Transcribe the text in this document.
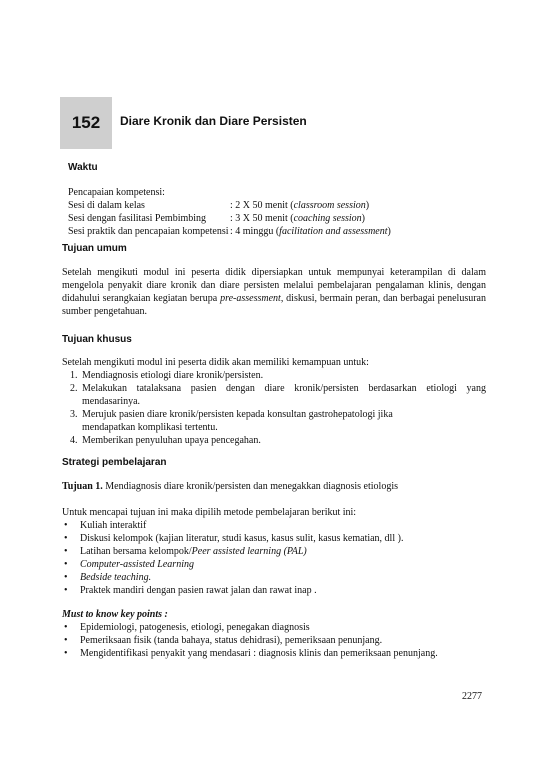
152 Diare Kronik dan Diare Persisten
Waktu
Pencapaian kompetensi:
Sesi di dalam kelas	: 2 X 50 menit (classroom session)
Sesi dengan fasilitasi Pembimbing : 3 X 50 menit (coaching session)
Sesi praktik dan pencapaian kompetensi: 4 minggu (facilitation and assessment)
Tujuan umum
Setelah mengikuti modul ini peserta didik dipersiapkan untuk mempunyai keterampilan di dalam mengelola penyakit diare kronik dan diare persisten melalui pembelajaran pengalaman klinis, dengan didahului serangkaian kegiatan berupa pre-assessment, diskusi, bermain peran, dan berbagai penelusuran sumber pengetahuan.
Tujuan khusus
Setelah mengikuti modul ini peserta didik akan memiliki kemampuan untuk:
1. Mendiagnosis etiologi diare kronik/persisten.
2. Melakukan tatalaksana pasien dengan diare kronik/persisten berdasarkan etiologi yang mendasarinya.
3. Merujuk pasien diare kronik/persisten kepada konsultan gastrohepatologi jika mendapatkan komplikasi tertentu.
4. Memberikan penyuluhan upaya pencegahan.
Strategi pembelajaran
Tujuan 1. Mendiagnosis diare kronik/persisten dan menegakkan diagnosis etiologis
Untuk mencapai tujuan ini maka dipilih metode pembelajaran berikut ini:
• Kuliah interaktif
• Diskusi kelompok (kajian literatur, studi kasus, kasus sulit, kasus kematian, dll ).
• Latihan bersama kelompok/Peer assisted learning (PAL)
• Computer-assisted Learning
• Bedside teaching.
• Praktek mandiri dengan pasien rawat jalan dan rawat inap .
Must to know key points :
• Epidemiologi, patogenesis, etiologi, penegakan diagnosis
• Pemeriksaan fisik (tanda bahaya, status dehidrasi), pemeriksaan penunjang.
• Mengidentifikasi penyakit yang mendasari : diagnosis klinis dan pemeriksaan penunjang.
2277
